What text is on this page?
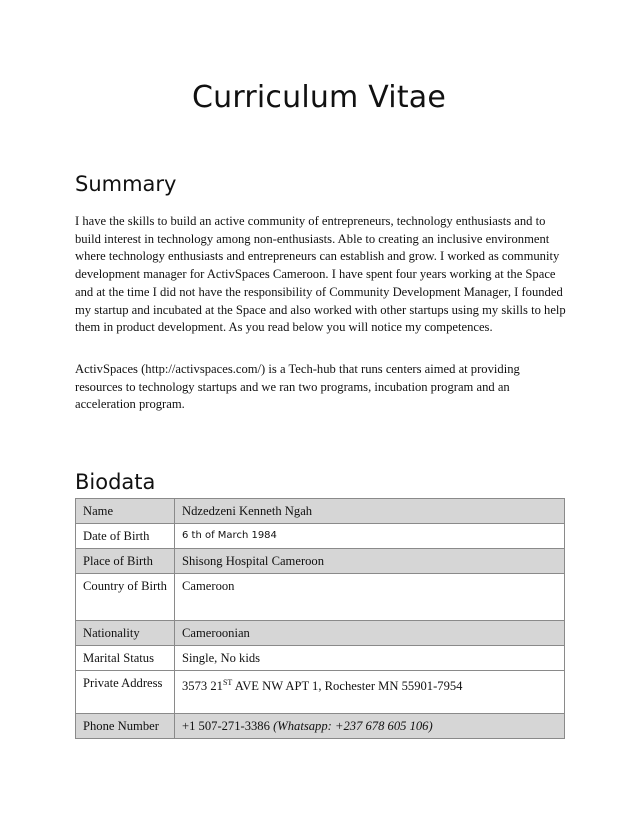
Curriculum Vitae
Summary

I have the skills to build an active community of entrepreneurs, technology enthusiasts and to build interest in technology among non-enthusiasts. Able to creating an inclusive environment where technology enthusiasts and entrepreneurs can establish and grow. I worked as community development manager for ActivSpaces Cameroon. I have spent four years working at the Space and at the time I did not have the responsibility of Community Development Manager, I founded my startup and incubated at the Space and also worked with other startups using my skills to help them in product development. As you read below you will notice my competences.

ActivSpaces (http://activspaces.com/) is a Tech-hub that runs centers aimed at providing resources to technology startups and we ran two programs, incubation program and an acceleration program.

Biodata
Name	Ndzedzeni Kenneth Ngah
Date of Birth	6 th of March 1984
Place of Birth	Shisong Hospital Cameroon
Country of Birth	Cameroon
Nationality	Cameroonian
Marital Status	Single, No kids
Private Address	3573 21ST AVE NW APT 1, Rochester MN 55901-7954
Phone Number	+1 507-271-3386 (Whatsapp: +237 678 605 106)
